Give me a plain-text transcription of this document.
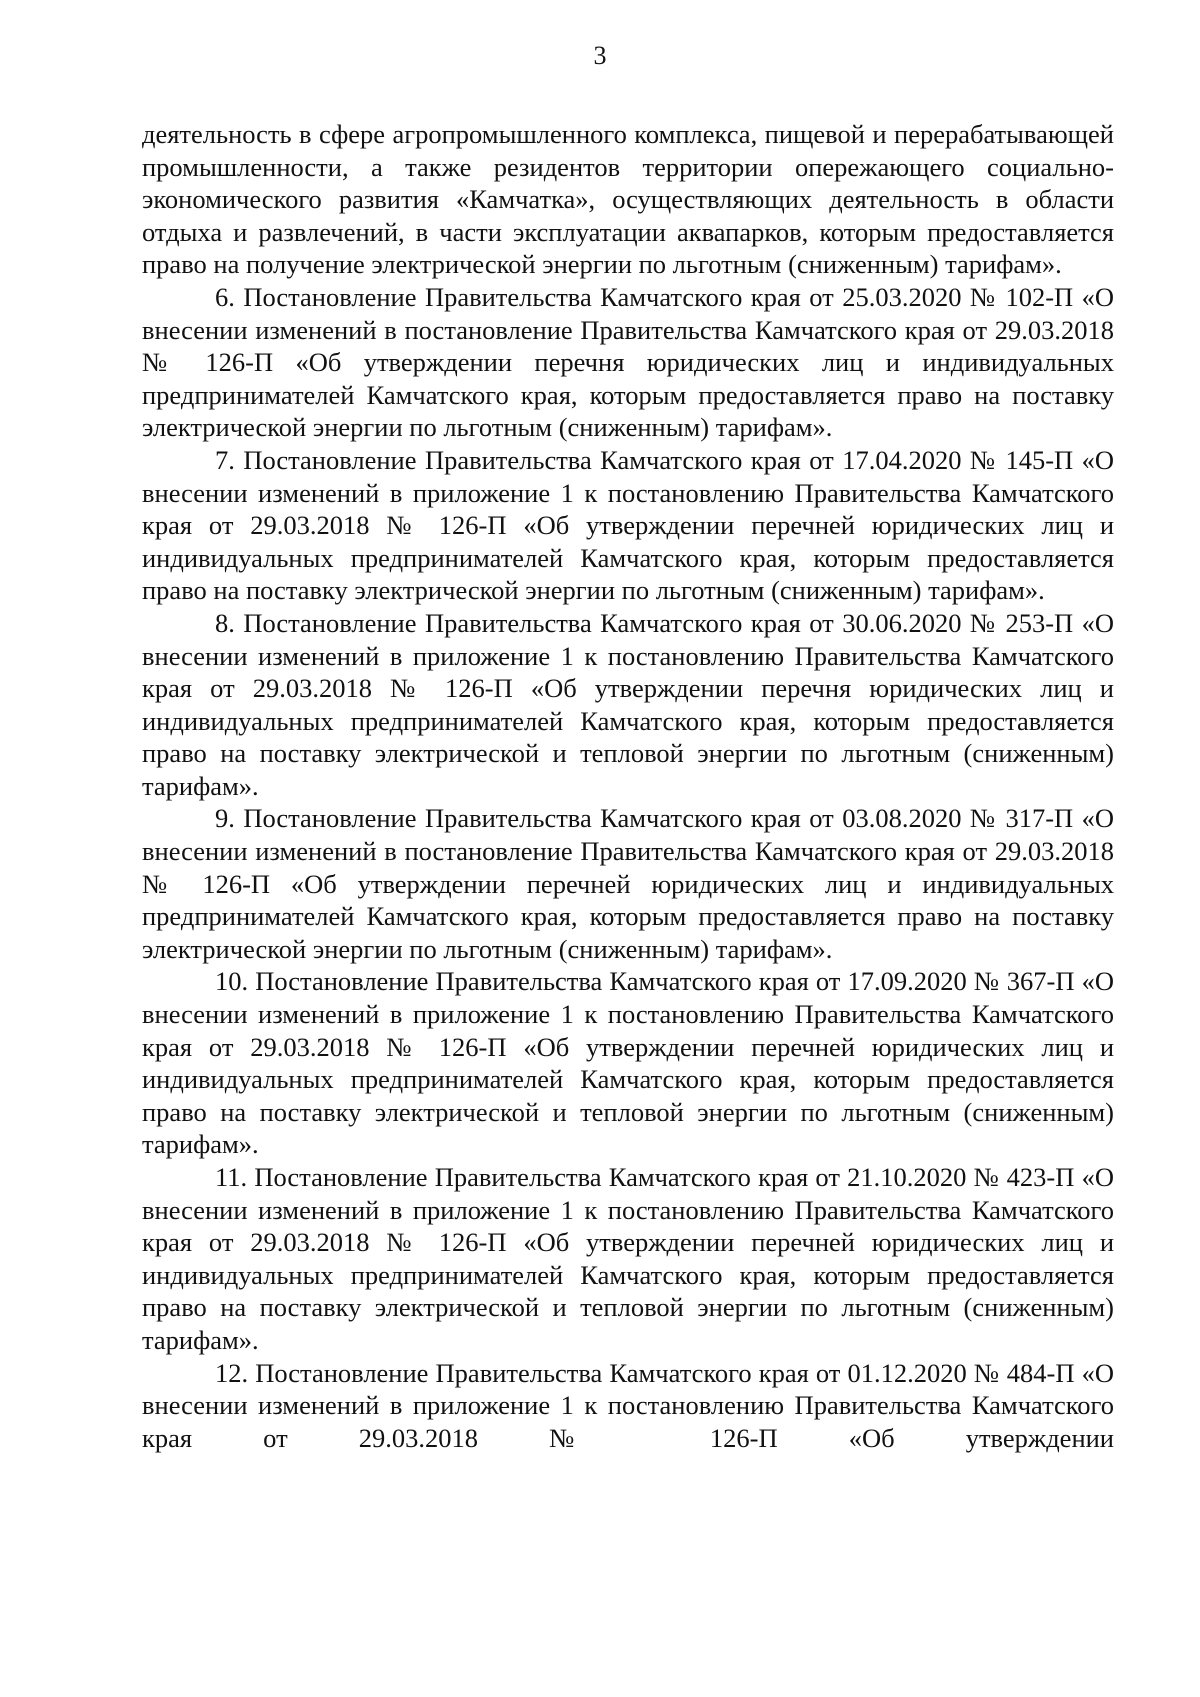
3

деятельность в сфере агропромышленного комплекса, пищевой и перерабатывающей промышленности, а также резидентов территории опережающего социально-экономического развития «Камчатка», осуществляющих деятельность в области отдыха и развлечений, в части эксплуатации аквапарков, которым предоставляется право на получение электрической энергии по льготным (сниженным) тарифам».

6. Постановление Правительства Камчатского края от 25.03.2020 № 102-П «О внесении изменений в постановление Правительства Камчатского края от 29.03.2018 № 126-П «Об утверждении перечня юридических лиц и индивидуальных предпринимателей Камчатского края, которым предоставляется право на поставку электрической энергии по льготным (сниженным) тарифам».

7. Постановление Правительства Камчатского края от 17.04.2020 № 145-П «О внесении изменений в приложение 1 к постановлению Правительства Камчатского края от 29.03.2018 № 126-П «Об утверждении перечней юридических лиц и индивидуальных предпринимателей Камчатского края, которым предоставляется право на поставку электрической энергии по льготным (сниженным) тарифам».

8. Постановление Правительства Камчатского края от 30.06.2020 № 253-П «О внесении изменений в приложение 1 к постановлению Правительства Камчатского края от 29.03.2018 № 126-П «Об утверждении перечня юридических лиц и индивидуальных предпринимателей Камчатского края, которым предоставляется право на поставку электрической и тепловой энергии по льготным (сниженным) тарифам».

9. Постановление Правительства Камчатского края от 03.08.2020 № 317-П «О внесении изменений в постановление Правительства Камчатского края от 29.03.2018 № 126-П «Об утверждении перечней юридических лиц и индивидуальных предпринимателей Камчатского края, которым предоставляется право на поставку электрической энергии по льготным (сниженным) тарифам».

10. Постановление Правительства Камчатского края от 17.09.2020 № 367-П «О внесении изменений в приложение 1 к постановлению Правительства Камчатского края от 29.03.2018 № 126-П «Об утверждении перечней юридических лиц и индивидуальных предпринимателей Камчатского края, которым предоставляется право на поставку электрической и тепловой энергии по льготным (сниженным) тарифам».

11. Постановление Правительства Камчатского края от 21.10.2020 № 423-П «О внесении изменений в приложение 1 к постановлению Правительства Камчатского края от 29.03.2018 № 126-П «Об утверждении перечней юридических лиц и индивидуальных предпринимателей Камчатского края, которым предоставляется право на поставку электрической и тепловой энергии по льготным (сниженным) тарифам».

12. Постановление Правительства Камчатского края от 01.12.2020 № 484-П «О внесении изменений в приложение 1 к постановлению Правительства Камчатского края от 29.03.2018 № 126-П «Об утверждении
